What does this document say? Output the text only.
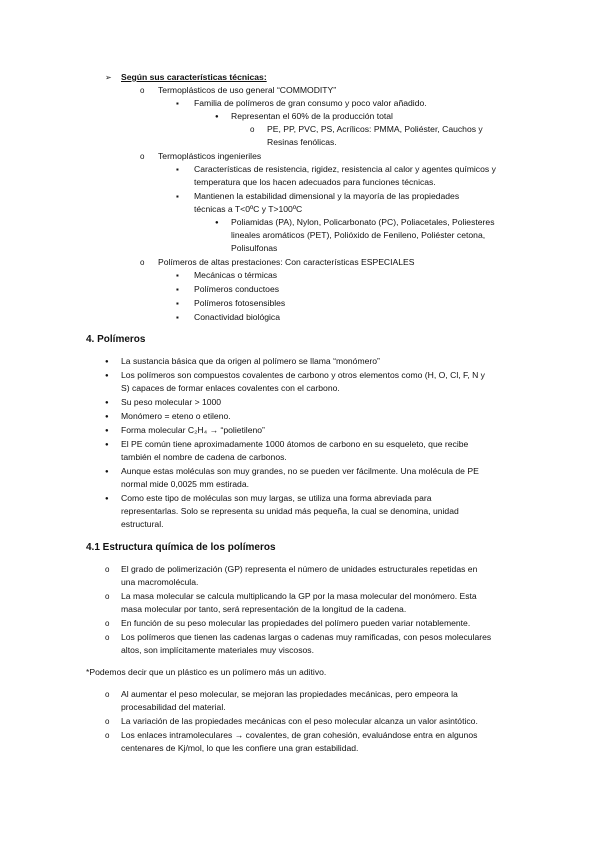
➢ Según sus características técnicas:
o Termoplásticos de uso general “COMMODITY”
▪ Familia de polímeros de gran consumo y poco valor añadido.
● Representan el 60% de la producción total
o PE, PP, PVC, PS, Acrílicos: PMMA, Poliéster, Cauchos y
Resinas fenólicas.
o Termoplásticos ingenieriles
▪ Características de resistencia, rigidez, resistencia al calor y agentes químicos y
temperatura que los hacen adecuados para funciones técnicas.
▪ Mantienen la estabilidad dimensional y la mayoría de las propiedades
técnicas a T<0ºC y T>100ºC
● Poliamidas (PA), Nylon, Policarbonato (PC), Poliacetales, Poliesteres
lineales aromáticos (PET), Polióxido de Fenileno, Poliéster cetona,
Polisulfonas
o Polímeros de altas prestaciones: Con características ESPECIALES
▪ Mecánicas o térmicas
▪ Polímeros conductoes
▪ Polímeros fotosensibles
▪ Conactividad biológica
4. Polímeros
● La sustancia básica que da origen al polímero se llama “monómero”
● Los polímeros son compuestos covalentes de carbono y otros elementos como (H, O, Cl, F, N y
S) capaces de formar enlaces covalentes con el carbono.
● Su peso molecular > 1000
● Monómero = eteno o etileno.
● Forma molecular C₂H₄ → “polietileno”
● El PE común tiene aproximadamente 1000 átomos de carbono en su esqueleto, que recibe
también el nombre de cadena de carbonos.
● Aunque estas moléculas son muy grandes, no se pueden ver fácilmente. Una molécula de PE
normal mide 0,0025 mm estirada.
● Como este tipo de moléculas son muy largas, se utiliza una forma abreviada para
representarlas. Solo se representa su unidad más pequeña, la cual se denomina, unidad
estructural.
4.1 Estructura química de los polímeros
o El grado de polimerización (GP) representa el número de unidades estructurales repetidas en
una macromolécula.
o La masa molecular se calcula multiplicando la GP por la masa molecular del monómero. Esta
masa molecular por tanto, será representación de la longitud de la cadena.
o En función de su peso molecular las propiedades del polímero pueden variar notablemente.
o Los polímeros que tienen las cadenas largas o cadenas muy ramificadas, con pesos moleculares
altos, son implícitamente materiales muy viscosos.
*Podemos decir que un plástico es un polímero más un aditivo.
o Al aumentar el peso molecular, se mejoran las propiedades mecánicas, pero empeora la
procesabilidad del material.
o La variación de las propiedades mecánicas con el peso molecular alcanza un valor asintótico.
o Los enlaces intramoleculares → covalentes, de gran cohesión, evaluándose entra en algunos
centenares de Kj/mol, lo que les confiere una gran estabilidad.
